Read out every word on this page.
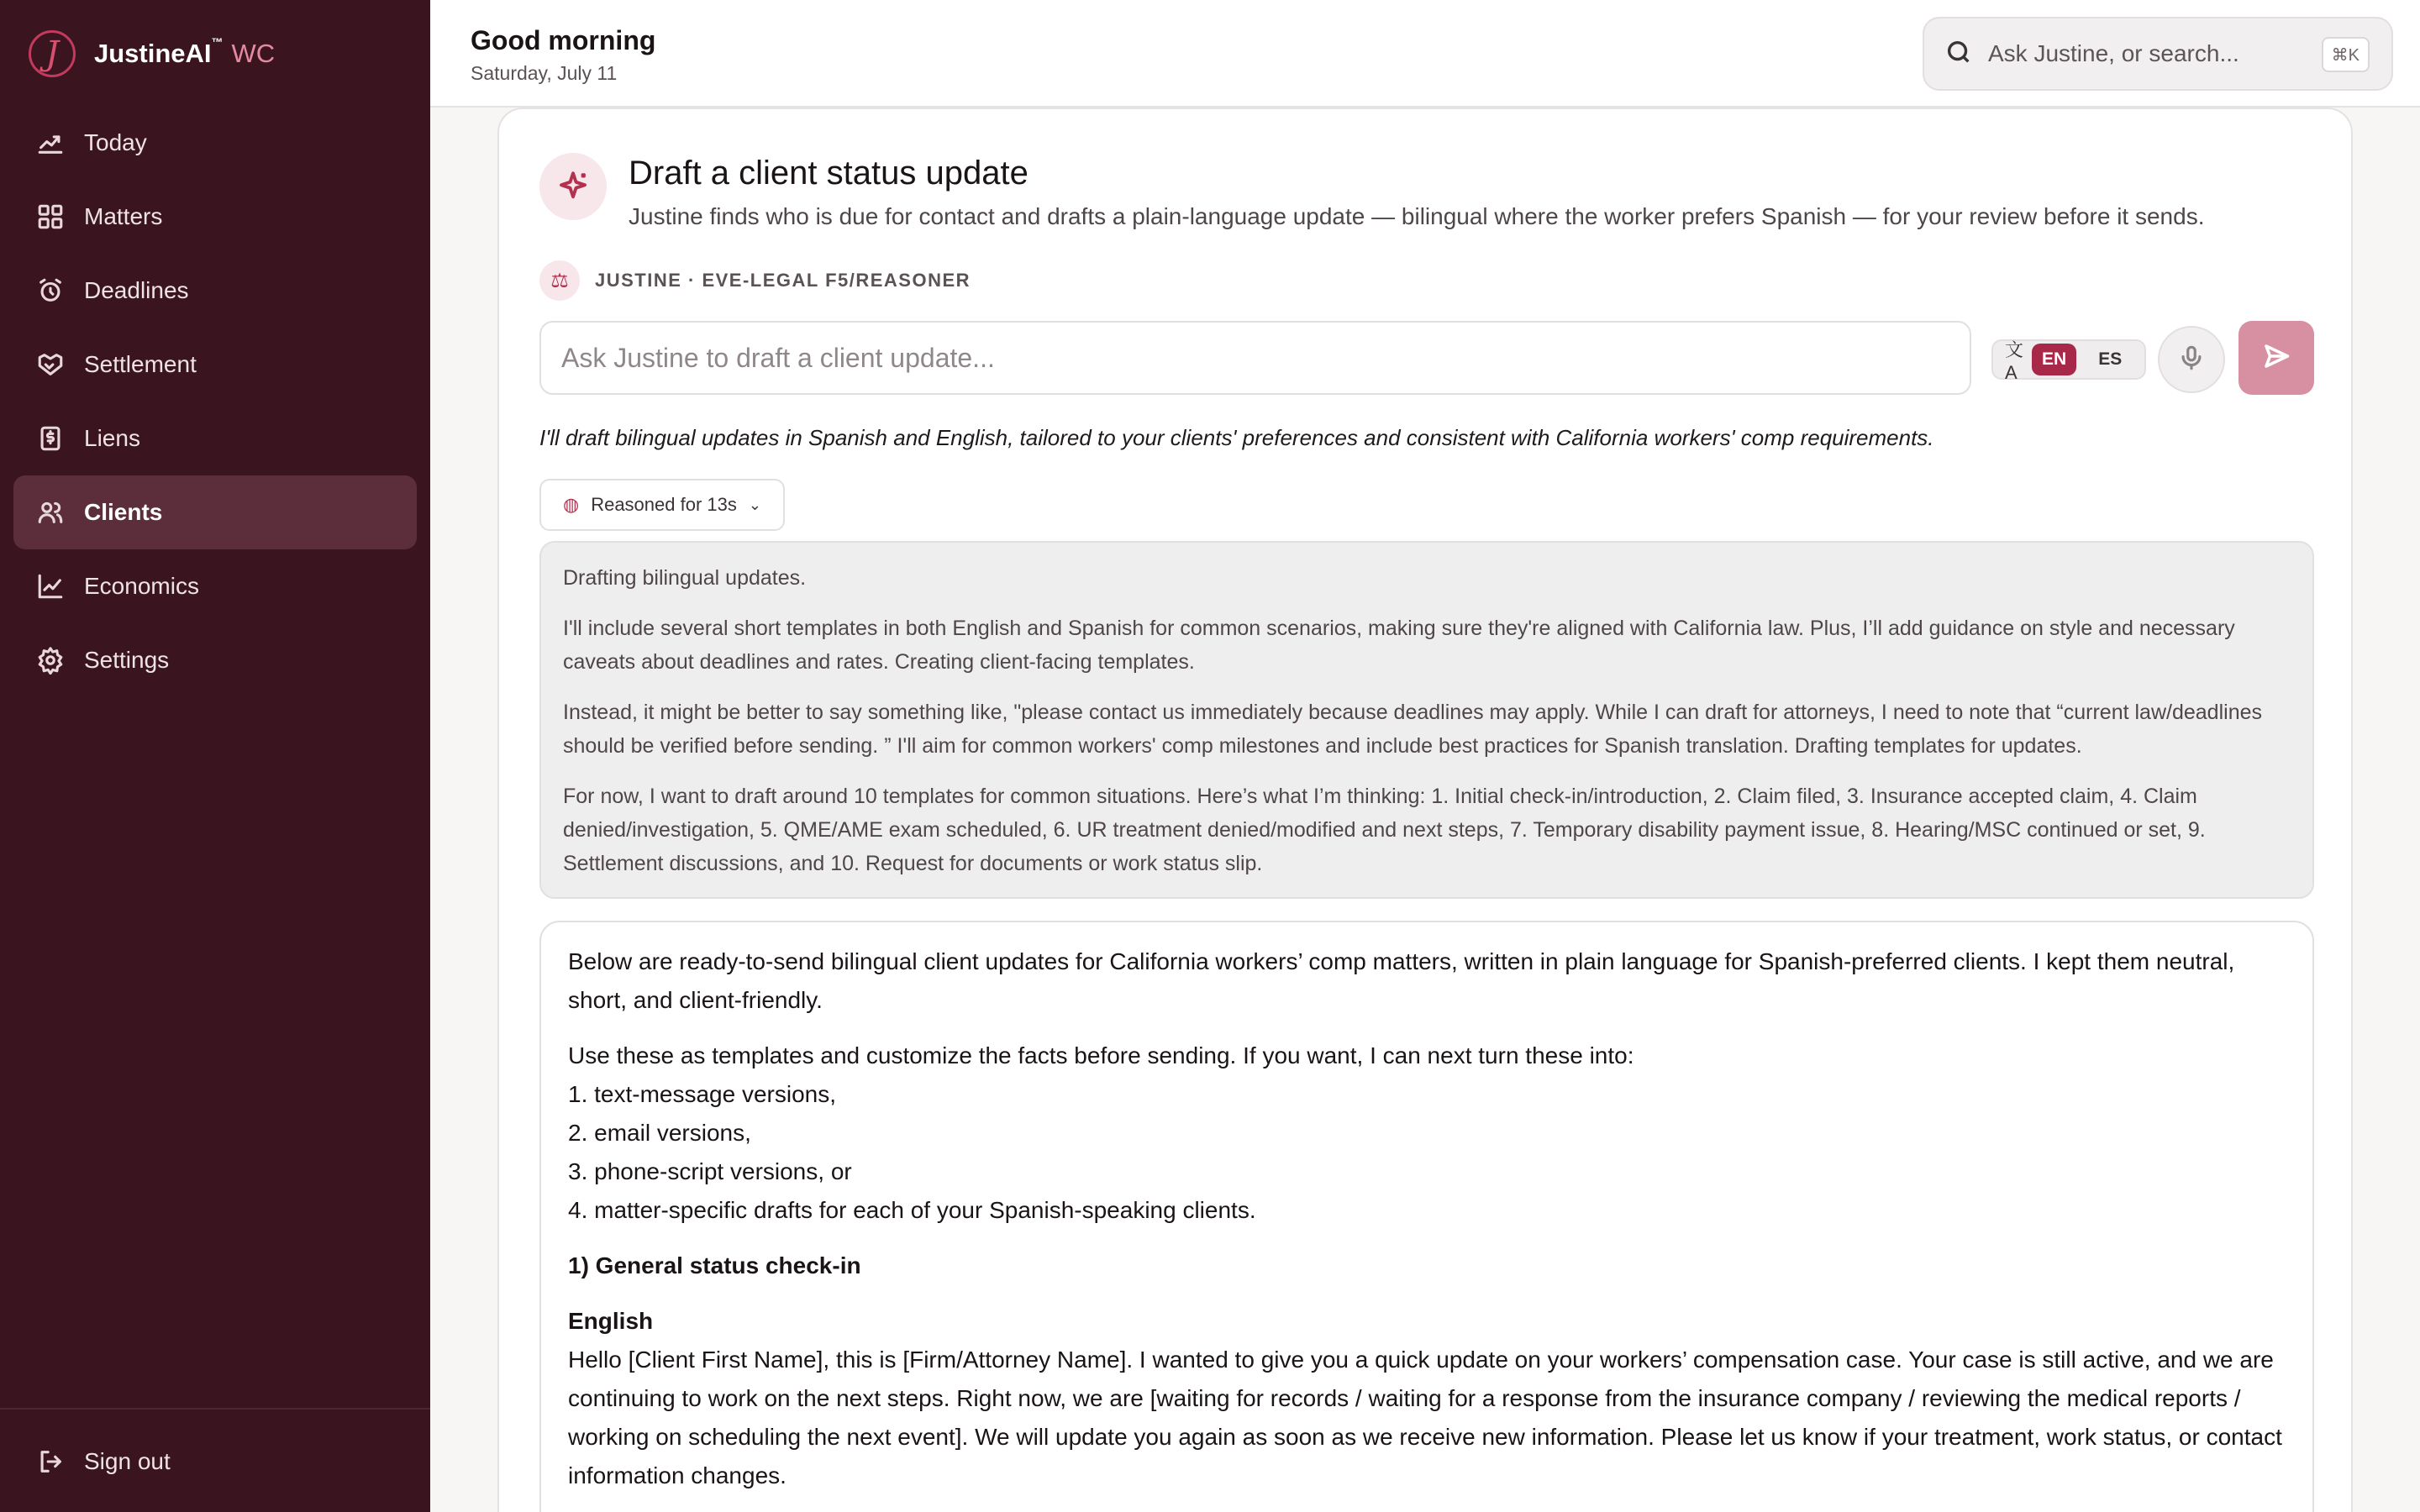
J	JustineAI™ WC
Today
Matters
Deadlines
Settlement
Liens
Clients
Economics
Settings
Sign out
Good morning
Saturday, July 11
Ask Justine, or search...
⌘K
Draft a client status update
Justine finds who is due for contact and drafts a plain-language update — bilingual where the worker prefers Spanish — for your review before it sends.
⚖	JUSTINE · EVE-LEGAL F5/REASONER
Ask Justine to draft a client update...
文A
EN	ES
I'll draft bilingual updates in Spanish and English, tailored to your clients' preferences and consistent with California workers' comp requirements.
◍ Reasoned for 13s ⌄

Drafting bilingual updates.

I'll include several short templates in both English and Spanish for common scenarios, making sure they're aligned with California law. Plus, I’ll add guidance on style and necessary caveats about deadlines and rates. Creating client-facing templates.

Instead, it might be better to say something like, "please contact us immediately because deadlines may apply. While I can draft for attorneys, I need to note that “current law/deadlines should be verified before sending. ” I'll aim for common workers' comp milestones and include best practices for Spanish translation. Drafting templates for updates.

For now, I want to draft around 10 templates for common situations. Here’s what I’m thinking: 1. Initial check-in/introduction, 2. Claim filed, 3. Insurance accepted claim, 4. Claim denied/investigation, 5. QME/AME exam scheduled, 6. UR treatment denied/modified and next steps, 7. Temporary disability payment issue, 8. Hearing/MSC continued or set, 9. Settlement discussions, and 10. Request for documents or work status slip.

Below are ready-to-send bilingual client updates for California workers’ comp matters, written in plain language for Spanish-preferred clients. I kept them neutral, short, and client-friendly.

Use these as templates and customize the facts before sending. If you want, I can next turn these into:
1. text-message versions,
2. email versions,
3. phone-script versions, or
4. matter-specific drafts for each of your Spanish-speaking clients.
1) General status check-in
English
Hello [Client First Name], this is [Firm/Attorney Name]. I wanted to give you a quick update on your workers’ compensation case. Your case is still active, and we are continuing to work on the next steps. Right now, we are [waiting for records / waiting for a response from the insurance company / reviewing the medical reports / working on scheduling the next event]. We will update you again as soon as we receive new information. Please let us know if your treatment, work status, or contact information changes.
